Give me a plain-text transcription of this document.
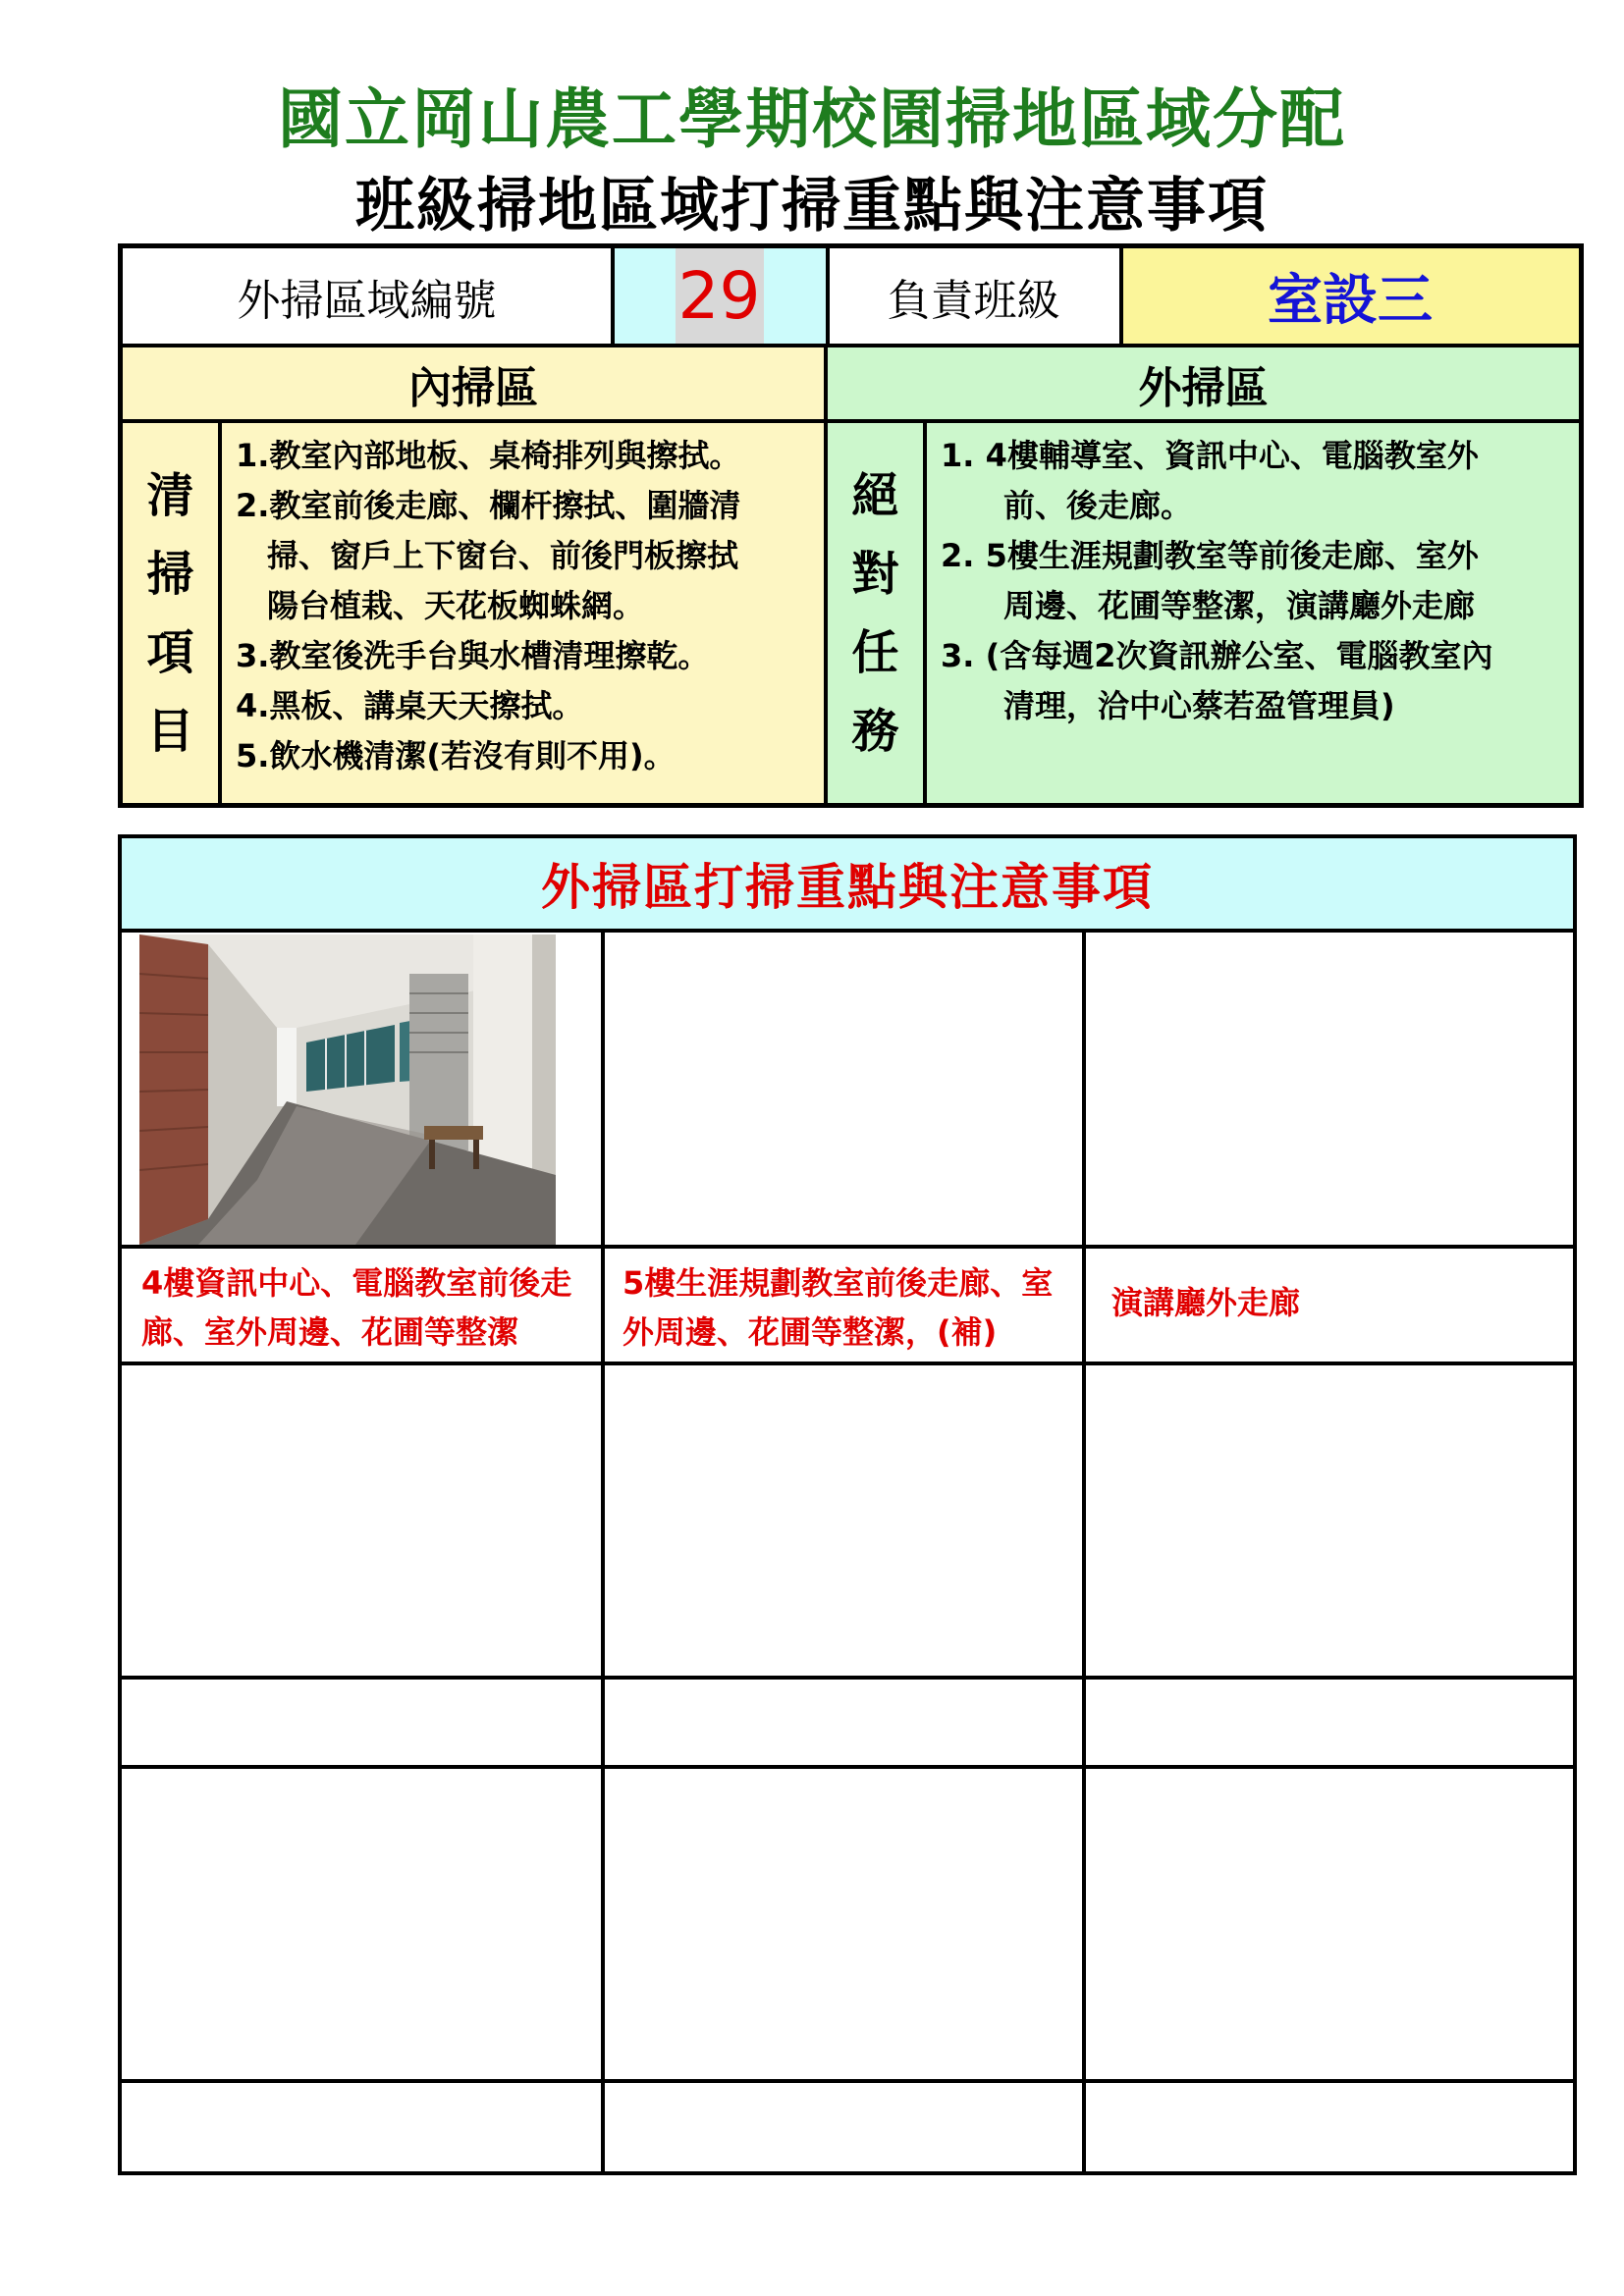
國立岡山農工學期校園掃地區域分配
班級掃地區域打掃重點與注意事項
外掃區域編號	29	負責班級	室設三
內掃區	外掃區
清
掃
項
目
1.教室內部地板、桌椅排列與擦拭。
2.教室前後走廊、欄杆擦拭、圍牆清
　掃、窗戶上下窗台、前後門板擦拭
　陽台植栽、天花板蜘蛛網。
3.教室後洗手台與水槽清理擦乾。
4.黑板、講桌天天擦拭。
5.飲水機清潔(若沒有則不用)。
絕
對
任
務
1. 4樓輔導室、資訊中心、電腦教室外
　　前、後走廊。
2. 5樓生涯規劃教室等前後走廊、室外
　　周邊、花圃等整潔，演講廳外走廊
3. (含每週2次資訊辦公室、電腦教室內
　　清理，洽中心蔡若盈管理員)
外掃區打掃重點與注意事項
4樓資訊中心、電腦教室前後走廊、室外周邊、花圃等整潔
5樓生涯規劃教室前後走廊、室外周邊、花圃等整潔，(補)
演講廳外走廊
